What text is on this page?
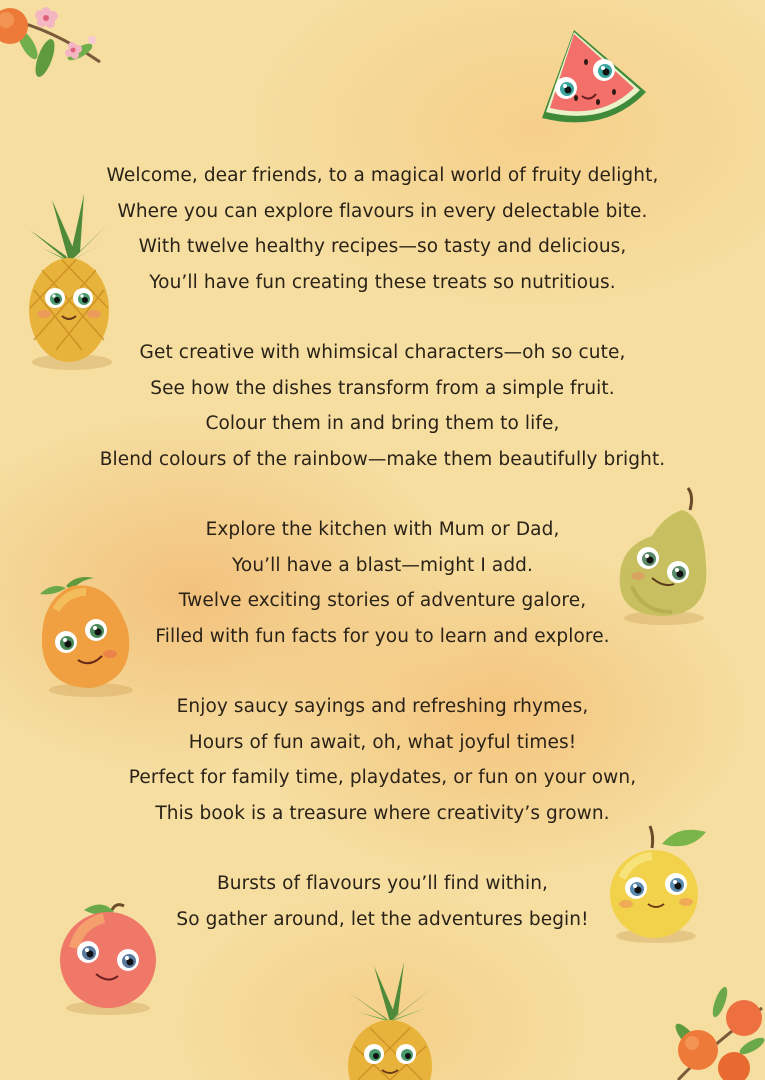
Welcome, dear friends, to a magical world of fruity delight,
Where you can explore flavours in every delectable bite.
With twelve healthy recipes—so tasty and delicious,
You’ll have fun creating these treats so nutritious.
Get creative with whimsical characters—oh so cute,
See how the dishes transform from a simple fruit.
Colour them in and bring them to life,
Blend colours of the rainbow—make them beautifully bright.
Explore the kitchen with Mum or Dad,
You’ll have a blast—might I add.
Twelve exciting stories of adventure galore,
Filled with fun facts for you to learn and explore.
Enjoy saucy sayings and refreshing rhymes,
Hours of fun await, oh, what joyful times!
Perfect for family time, playdates, or fun on your own,
This book is a treasure where creativity’s grown.
Bursts of flavours you’ll find within,
So gather around, let the adventures begin!
